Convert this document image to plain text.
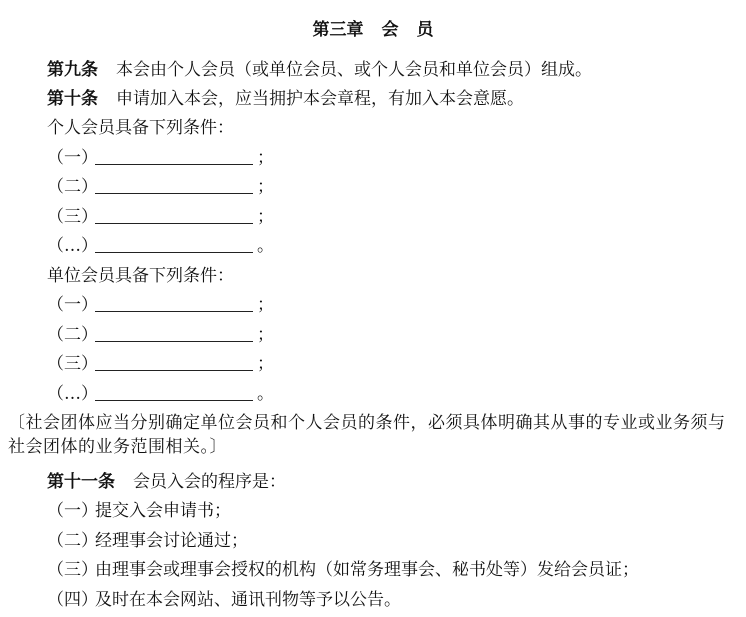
第三章 会 员
第九条 本会由个人会员（或单位会员、或个人会员和单位会员）组成。
第十条 申请加入本会，应当拥护本会章程，有加入本会意愿。
个人会员具备下列条件：
（一）	；
（二）	；
（三）	；
（…）	。
单位会员具备下列条件：
（一）	；
（二）	；
（三）	；
（…）	。
〔社会团体应当分别确定单位会员和个人会员的条件，必须具体明确其从事的专业或业务须与社会团体的业务范围相关。〕
第十一条 会员入会的程序是：
（一）提交入会申请书；
（二）经理事会讨论通过；
（三）由理事会或理事会授权的机构（如常务理事会、秘书处等）发给会员证；
（四）及时在本会网站、通讯刊物等予以公告。
